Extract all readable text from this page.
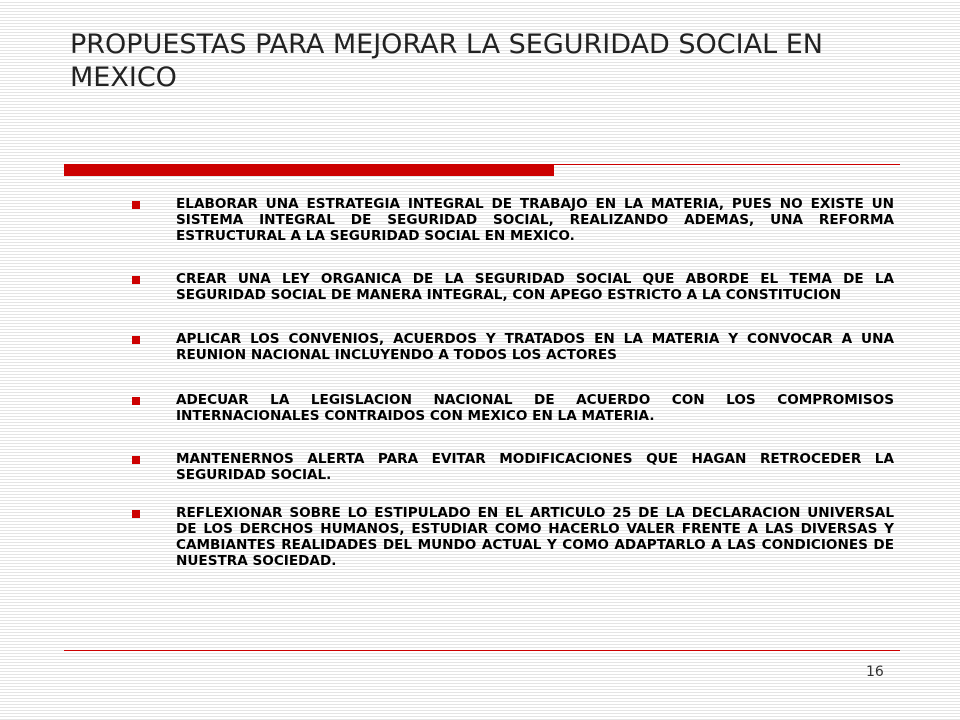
PROPUESTAS PARA MEJORAR LA SEGURIDAD SOCIAL EN MEXICO
ELABORAR UNA ESTRATEGIA INTEGRAL DE TRABAJO EN LA MATERIA, PUES NO EXISTE UN SISTEMA INTEGRAL DE SEGURIDAD SOCIAL, REALIZANDO ADEMAS, UNA REFORMA ESTRUCTURAL A LA SEGURIDAD SOCIAL EN MEXICO.
CREAR UNA LEY ORGANICA DE LA SEGURIDAD SOCIAL QUE ABORDE EL TEMA DE LA SEGURIDAD SOCIAL DE MANERA INTEGRAL, CON APEGO ESTRICTO A LA CONSTITUCION
APLICAR LOS CONVENIOS, ACUERDOS Y TRATADOS EN LA MATERIA Y CONVOCAR A UNA REUNION NACIONAL INCLUYENDO A TODOS LOS ACTORES
ADECUAR LA LEGISLACION NACIONAL DE ACUERDO CON LOS COMPROMISOS INTERNACIONALES CONTRAIDOS CON MEXICO EN LA MATERIA.
MANTENERNOS ALERTA PARA EVITAR MODIFICACIONES QUE HAGAN RETROCEDER LA SEGURIDAD SOCIAL.
REFLEXIONAR SOBRE LO ESTIPULADO EN EL ARTICULO 25 DE LA DECLARACION UNIVERSAL DE LOS DERCHOS HUMANOS, ESTUDIAR COMO HACERLO VALER FRENTE A LAS DIVERSAS Y CAMBIANTES REALIDADES DEL MUNDO ACTUAL Y COMO ADAPTARLO A LAS CONDICIONES DE NUESTRA SOCIEDAD.
16
